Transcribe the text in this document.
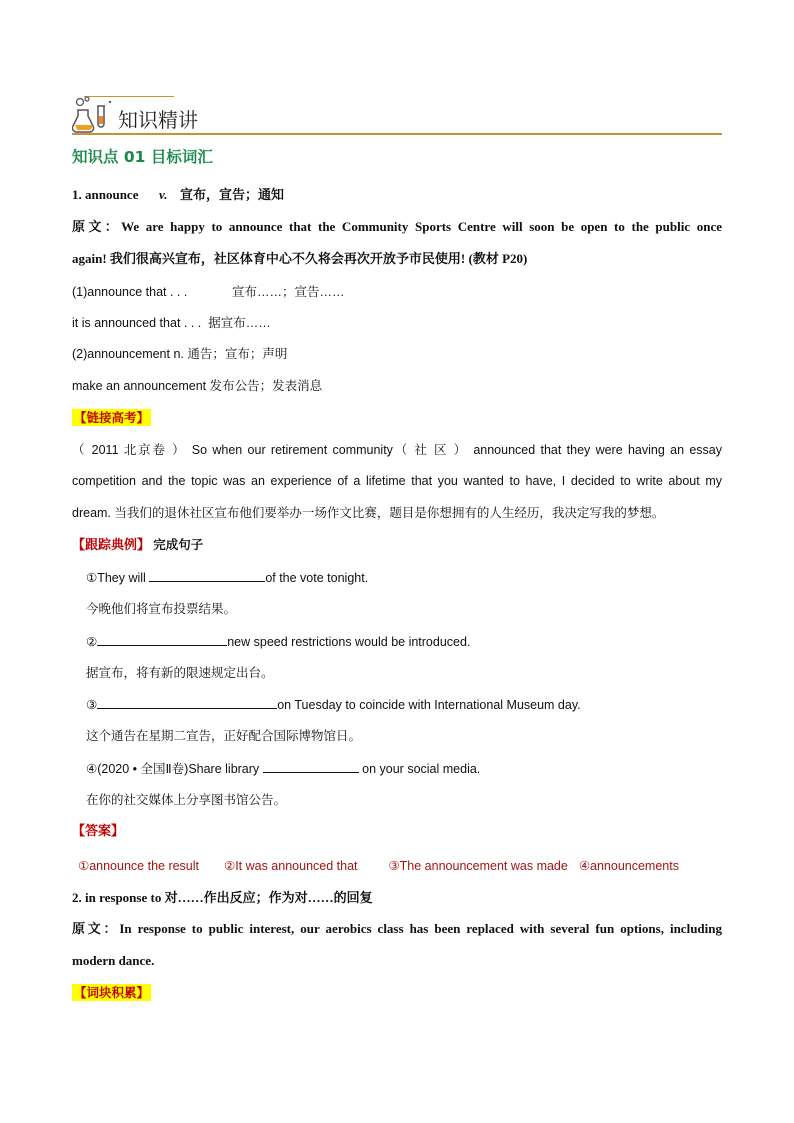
知识精讲
知识点 01 目标词汇
1. announce v. 宣布，宣告；通知
原文：We are happy to announce that the Community Sports Centre will soon be open to the public once
again! 我们很高兴宣布，社区体育中心不久将会再次开放予市民使用! (教材 P20)
(1)announce that . . .	宣布……；宣告……
it is announced that . . . 据宣布……
(2)announcement n. 通告；宣布；声明
make an announcement 发布公告；发表消息
【链接高考】
（ 2011 北京卷 ） So when our retirement community（ 社 区 ） announced that they were having an essay
competition and the topic was an experience of a lifetime that you wanted to have, I decided to write about my
dream. 当我们的退休社区宣布他们要举办一场作文比赛，题目是你想拥有的人生经历，我决定写我的梦想。
【跟踪典例】 完成句子
①They will	of the vote tonight.
今晚他们将宣布投票结果。
②	new speed restrictions would be introduced.
据宣布，将有新的限速规定出台。
③	on Tuesday to coincide with International Museum day.
这个通告在星期二宣告，正好配合国际博物馆日。
④(2020 • 全国Ⅱ卷)Share library	on your social media.
在你的社交媒体上分享图书馆公告。
【答案】
①announce the result ②It was announced that ③The announcement was made ④announcements
2. in response to 对……作出反应；作为对……的回复
原文：In response to public interest, our aerobics class has been replaced with several fun options, including
modern dance.
【词块积累】
